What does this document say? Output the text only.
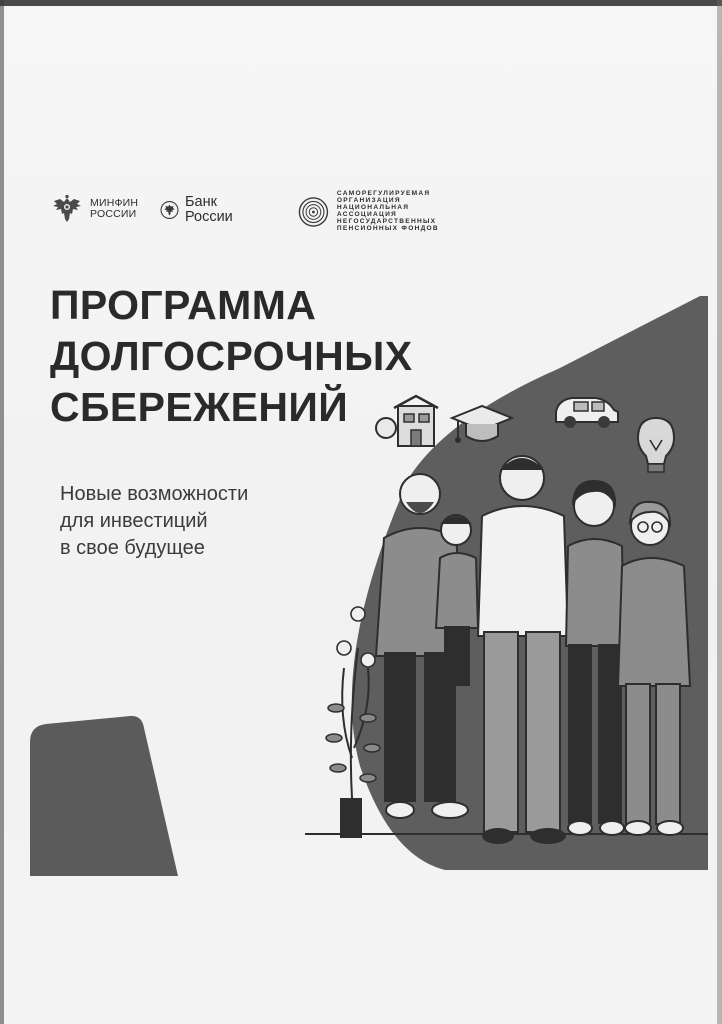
МИНФИН
РОССИИ
Банк России
САМОРЕГУЛИРУЕМАЯ ОРГАНИЗАЦИЯ
НАЦИОНАЛЬНАЯ АССОЦИАЦИЯ
НЕГОСУДАРСТВЕННЫХ
ПЕНСИОННЫХ ФОНДОВ
ПРОГРАММА
ДОЛГОСРОЧНЫХ
СБЕРЕЖЕНИЙ
Новые возможности
для инвестиций
в свое будущее
